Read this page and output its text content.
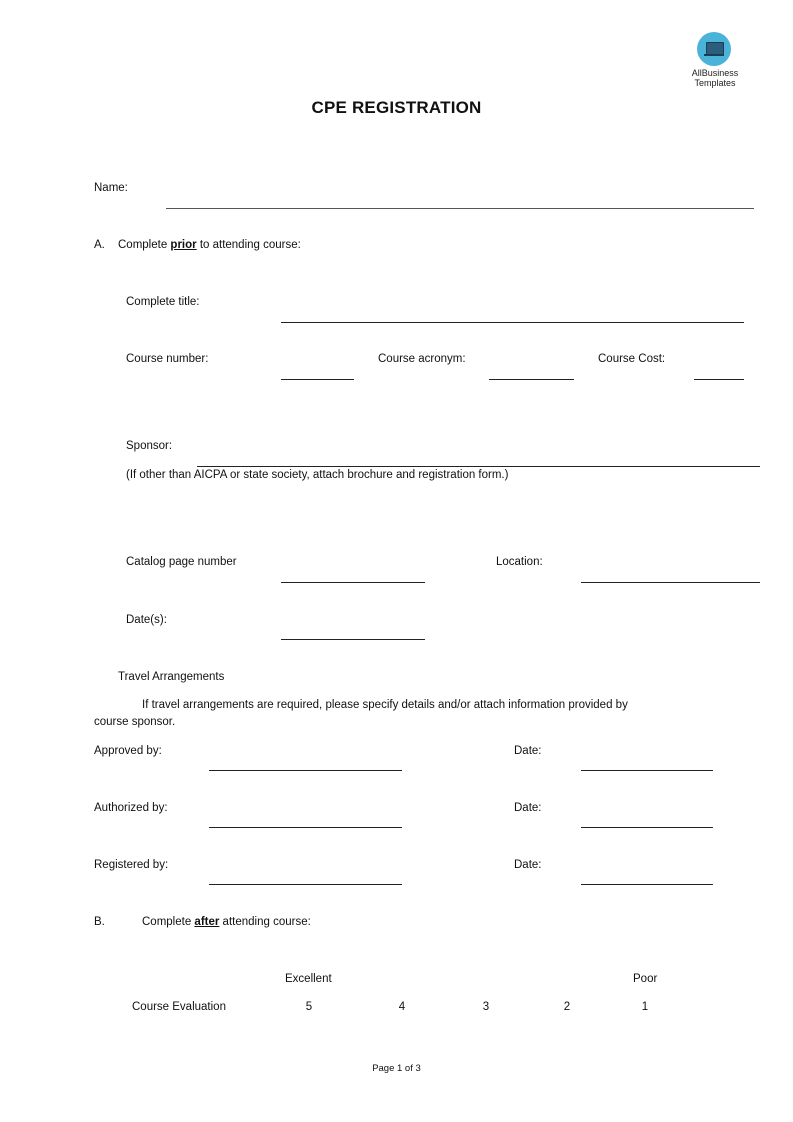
AllBusiness
Templates
CPE REGISTRATION
Name:
A. Complete prior to attending course:
Complete title:
Course number:	Course acronym:	Course Cost:
Sponsor:
(If other than AICPA or state society, attach brochure and registration form.)
Catalog page number	Location:
Date(s):
Travel Arrangements
If travel arrangements are required, please specify details and/or attach information provided by
course sponsor.
Approved by:	Date:
Authorized by:	Date:
Registered by:	Date:
B.	Complete after attending course:
Excellent	Poor
Course Evaluation	5	4	3	2	1
Page 1 of 3
